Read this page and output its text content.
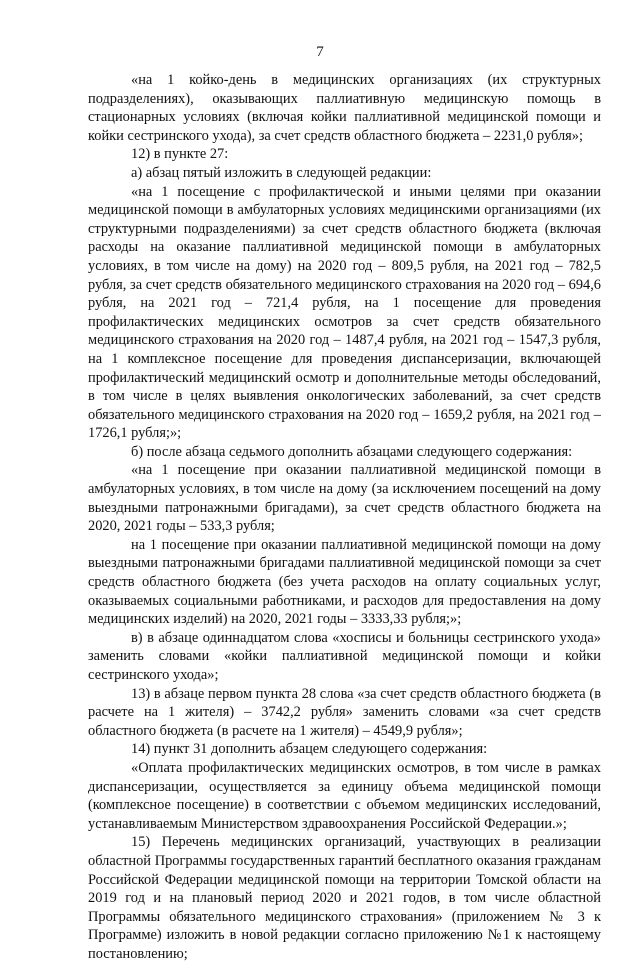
7

«на 1 койко-день в медицинских организациях (их структурных подразделениях), оказывающих паллиативную медицинскую помощь в стационарных условиях (включая койки паллиативной медицинской помощи и койки сестринского ухода), за счет средств областного бюджета – 2231,0 рубля»;

12) в пункте 27:

а) абзац пятый изложить в следующей редакции:

«на 1 посещение с профилактической и иными целями при оказании медицинской помощи в амбулаторных условиях медицинскими организациями (их структурными подразделениями) за счет средств областного бюджета (включая расходы на оказание паллиативной медицинской помощи в амбулаторных условиях, в том числе на дому) на 2020 год – 809,5 рубля, на 2021 год – 782,5 рубля, за счет средств обязательного медицинского страхования на 2020 год – 694,6 рубля, на 2021 год – 721,4 рубля, на 1 посещение для проведения профилактических медицинских осмотров за счет средств обязательного медицинского страхования на 2020 год – 1487,4 рубля, на 2021 год – 1547,3 рубля, на 1 комплексное посещение для проведения диспансеризации, включающей профилактический медицинский осмотр и дополнительные методы обследований, в том числе в целях выявления онкологических заболеваний, за счет средств обязательного медицинского страхования на 2020 год – 1659,2 рубля, на 2021 год – 1726,1 рубля;»;

б) после абзаца седьмого дополнить абзацами следующего содержания:

«на 1 посещение при оказании паллиативной медицинской помощи в амбулаторных условиях, в том числе на дому (за исключением посещений на дому выездными патронажными бригадами), за счет средств областного бюджета на 2020, 2021 годы – 533,3 рубля;

на 1 посещение при оказании паллиативной медицинской помощи на дому выездными патронажными бригадами паллиативной медицинской помощи за счет средств областного бюджета (без учета расходов на оплату социальных услуг, оказываемых социальными работниками, и расходов для предоставления на дому медицинских изделий) на 2020, 2021 годы – 3333,33 рубля;»;

в) в абзаце одиннадцатом слова «хосписы и больницы сестринского ухода» заменить словами «койки паллиативной медицинской помощи и койки сестринского ухода»;

13) в абзаце первом пункта 28 слова «за счет средств областного бюджета (в расчете на 1 жителя) – 3742,2 рубля» заменить словами «за счет средств областного бюджета (в расчете на 1 жителя) – 4549,9 рубля»;

14) пункт 31 дополнить абзацем следующего содержания:

«Оплата профилактических медицинских осмотров, в том числе в рамках диспансеризации, осуществляется за единицу объема медицинской помощи (комплексное посещение) в соответствии с объемом медицинских исследований, устанавливаемым Министерством здравоохранения Российской Федерации.»;

15) Перечень медицинских организаций, участвующих в реализации областной Программы государственных гарантий бесплатного оказания гражданам Российской Федерации медицинской помощи на территории Томской области на 2019 год и на плановый период 2020 и 2021 годов, в том числе областной Программы обязательного медицинского страхования» (приложением № 3 к Программе) изложить в новой редакции согласно приложению №1 к настоящему постановлению;
